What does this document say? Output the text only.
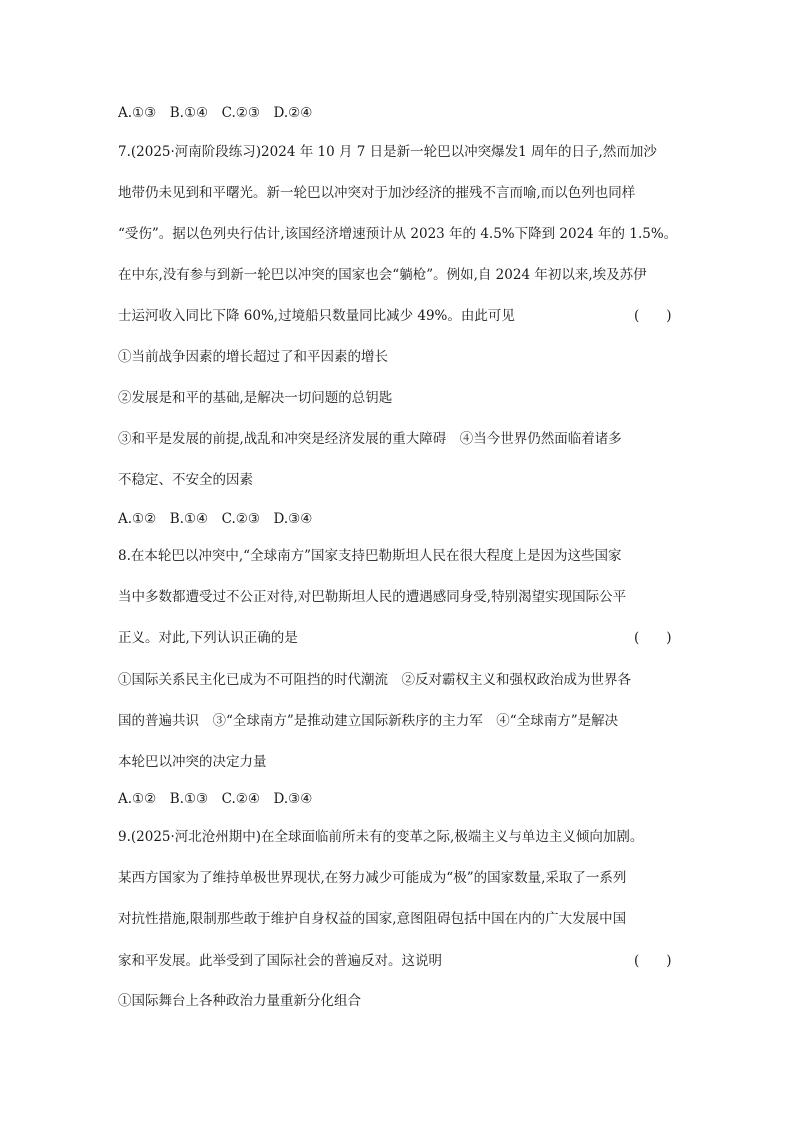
A.①③　B.①④　C.②③　D.②④
7.(2025·河南阶段练习)2024 年 10 月 7 日是新一轮巴以冲突爆发1 周年的日子,然而加沙
地带仍未见到和平曙光。新一轮巴以冲突对于加沙经济的摧残不言而喻,而以色列也同样
“受伤”。据以色列央行估计,该国经济增速预计从 2023 年的 4.5%下降到 2024 年的 1.5%。
在中东,没有参与到新一轮巴以冲突的国家也会“躺枪”。例如,自 2024 年初以来,埃及苏伊
士运河收入同比下降 60%,过境船只数量同比减少 49%。由此可见	(　　)
①当前战争因素的增长超过了和平因素的增长
②发展是和平的基础,是解决一切问题的总钥匙
③和平是发展的前提,战乱和冲突是经济发展的重大障碍　④当今世界仍然面临着诸多
不稳定、不安全的因素
A.①②　B.①④　C.②③　D.③④
8.在本轮巴以冲突中,“全球南方”国家支持巴勒斯坦人民在很大程度上是因为这些国家
当中多数都遭受过不公正对待,对巴勒斯坦人民的遭遇感同身受,特别渴望实现国际公平
正义。对此,下列认识正确的是	(　　)
①国际关系民主化已成为不可阻挡的时代潮流　②反对霸权主义和强权政治成为世界各
国的普遍共识　③“全球南方”是推动建立国际新秩序的主力军　④“全球南方”是解决
本轮巴以冲突的决定力量
A.①②　B.①③　C.②④　D.③④
9.(2025·河北沧州期中)在全球面临前所未有的变革之际,极端主义与单边主义倾向加剧。
某西方国家为了维持单极世界现状,在努力减少可能成为“极”的国家数量,采取了一系列
对抗性措施,限制那些敢于维护自身权益的国家,意图阻碍包括中国在内的广大发展中国
家和平发展。此举受到了国际社会的普遍反对。这说明	(　　)
①国际舞台上各种政治力量重新分化组合
